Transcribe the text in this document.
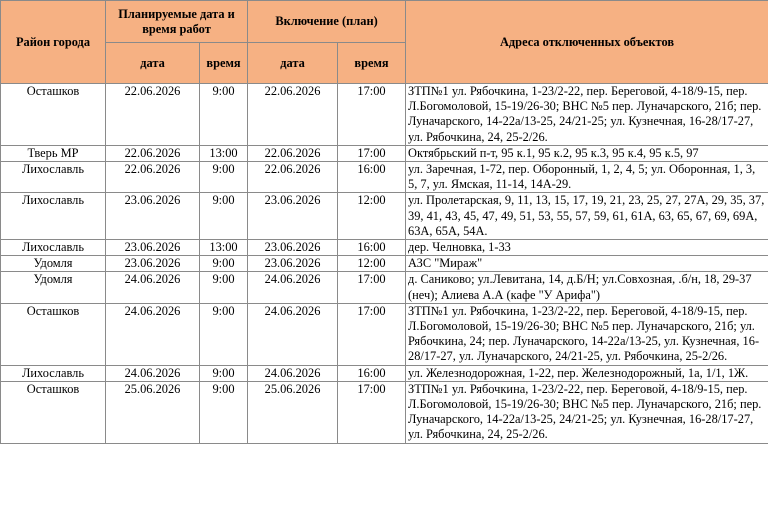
Район города	Планируемые дата и время работ		Включение (план)		Адреса отключенных объектов
	дата	время	дата	время	
Осташков	22.06.2026	9:00	22.06.2026	17:00	ЗТП№1 ул. Рябочкина, 1-23/2-22, пер. Береговой, 4-18/9-15, пер. Л.Богомоловой, 15-19/26-30; ВНС №5 пер. Луначарского, 21б; пер. Луначарского, 14-22а/13-25, 24/21-25; ул. Кузнечная, 16-28/17-27, ул. Рябочкина, 24, 25-2/26.
Тверь МР	22.06.2026	13:00	22.06.2026	17:00	Октябрьский п-т, 95 к.1, 95 к.2, 95 к.3, 95 к.4, 95 к.5, 97
Лихославль	22.06.2026	9:00	22.06.2026	16:00	ул. Заречная, 1-72, пер. Оборонный, 1, 2, 4, 5; ул. Оборонная, 1, 3, 5, 7, ул. Ямская, 11-14, 14А-29.
Лихославль	23.06.2026	9:00	23.06.2026	12:00	ул. Пролетарская, 9, 11, 13, 15, 17, 19, 21, 23, 25, 27, 27А, 29, 35, 37, 39, 41, 43, 45, 47, 49, 51, 53, 55, 57, 59, 61, 61А, 63, 65, 67, 69, 69А, 63А, 65А, 54А.
Лихославль	23.06.2026	13:00	23.06.2026	16:00	дер. Челновка, 1-33
Удомля	23.06.2026	9:00	23.06.2026	12:00	АЗС "Мираж"
Удомля	24.06.2026	9:00	24.06.2026	17:00	д. Саниково; ул.Левитана, 14, д.Б/Н; ул.Совхозная, .б/н, 18, 29-37 (неч); Алиева А.А (кафе "У Арифа")
Осташков	24.06.2026	9:00	24.06.2026	17:00	ЗТП№1 ул. Рябочкина, 1-23/2-22, пер. Береговой, 4-18/9-15, пер. Л.Богомоловой, 15-19/26-30; ВНС №5 пер. Луначарского, 21б; ул. Рябочкина, 24; пер. Луначарского, 14-22а/13-25, ул. Кузнечная, 16-28/17-27, ул. Луначарского, 24/21-25, ул. Рябочкина, 25-2/26.
Лихославль	24.06.2026	9:00	24.06.2026	16:00	ул. Железнодорожная, 1-22, пер. Железнодорожный, 1а, 1/1, 1Ж.
Осташков	25.06.2026	9:00	25.06.2026	17:00	ЗТП№1 ул. Рябочкина, 1-23/2-22, пер. Береговой, 4-18/9-15, пер. Л.Богомоловой, 15-19/26-30; ВНС №5 пер. Луначарского, 21б; пер. Луначарского, 14-22а/13-25, 24/21-25; ул. Кузнечная, 16-28/17-27, ул. Рябочкина, 24, 25-2/26.
